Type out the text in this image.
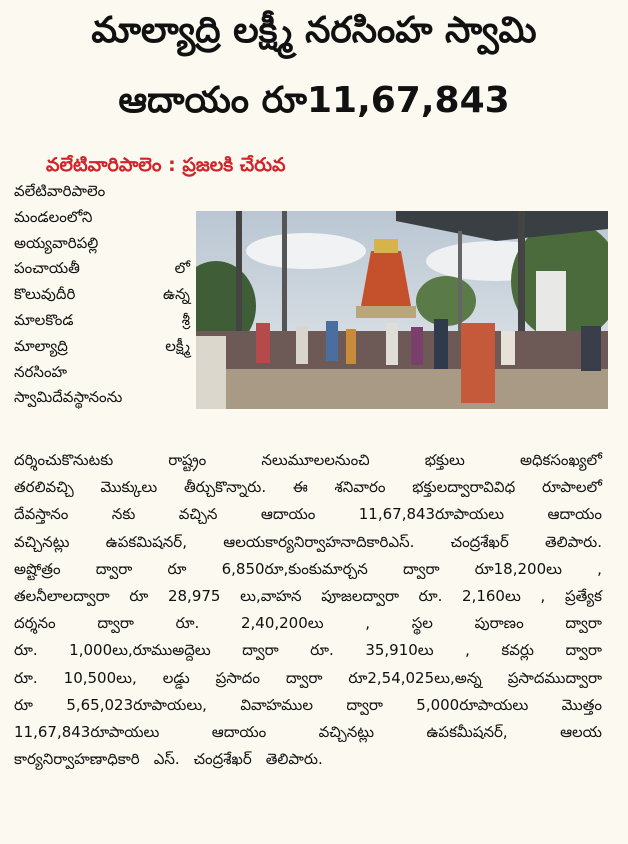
మాల్యాద్రి లక్ష్మీ నరసింహ స్వామి
ఆదాయం రూ11,67,843
వలేటివారిపాలెం : ప్రజలకి చేరువ
వలేటివారిపాలెం
మండలంలోని
అయ్యవారిపల్లి
పంచాయతీ	లో
కొలువుదీరి	ఉన్న
మాలకొండ	శ్రీ
మాల్యాద్రి	లక్ష్మీ
నరసింహ
స్వామిదేవస్థానంను
దర్శించుకొనుటకు	రాష్ట్రం	నలుమూలలనుంచి	భక్తులు	అధికసంఖ్యలో
తరలివచ్చి మొక్కులు తీర్చుకొన్నారు. ఈ శనివారం భక్తులద్వారావివిధ రూపాలలో
దేవస్తానం	నకు	వచ్చిన	ఆదాయం	11,67,843రూపాయలు	ఆదాయం
వచ్చినట్లు ఉపకమిషనర్, ఆలయకార్యనిర్వాహనాదికారిఎస్. చంద్రశేఖర్ తెలిపారు.
అష్టోత్రం ద్వారా రూ 6,850రూ,కుంకుమార్చన ద్వారా రూ18,200లు ,
తలనీలాలద్వారా రూ 28,975 లు,వాహన పూజలద్వారా రూ. 2,160లు , ప్రత్యేక
దర్శనం	ద్వారా	రూ.	2,40,200లు	,	స్థల	పురాణం	ద్వారా
రూ. 1,000లు,రూముఅద్దెలు ద్వారా రూ. 35,910లు , కవర్లు ద్వారా
రూ. 10,500లు, లడ్డు ప్రసాదం ద్వారా రూ2,54,025లు,అన్న ప్రసాదముద్వారా
రూ 5,65,023రూపాయలు, వివాహముల ద్వారా 5,000రూపాయలు మొత్తం
11,67,843రూపాయలు	ఆదాయం	వచ్చినట్లు	ఉపకమీషనర్,	ఆలయ
కార్యనిర్వాహణాధికారి ఎస్. చంద్రశేఖర్ తెలిపారు.
